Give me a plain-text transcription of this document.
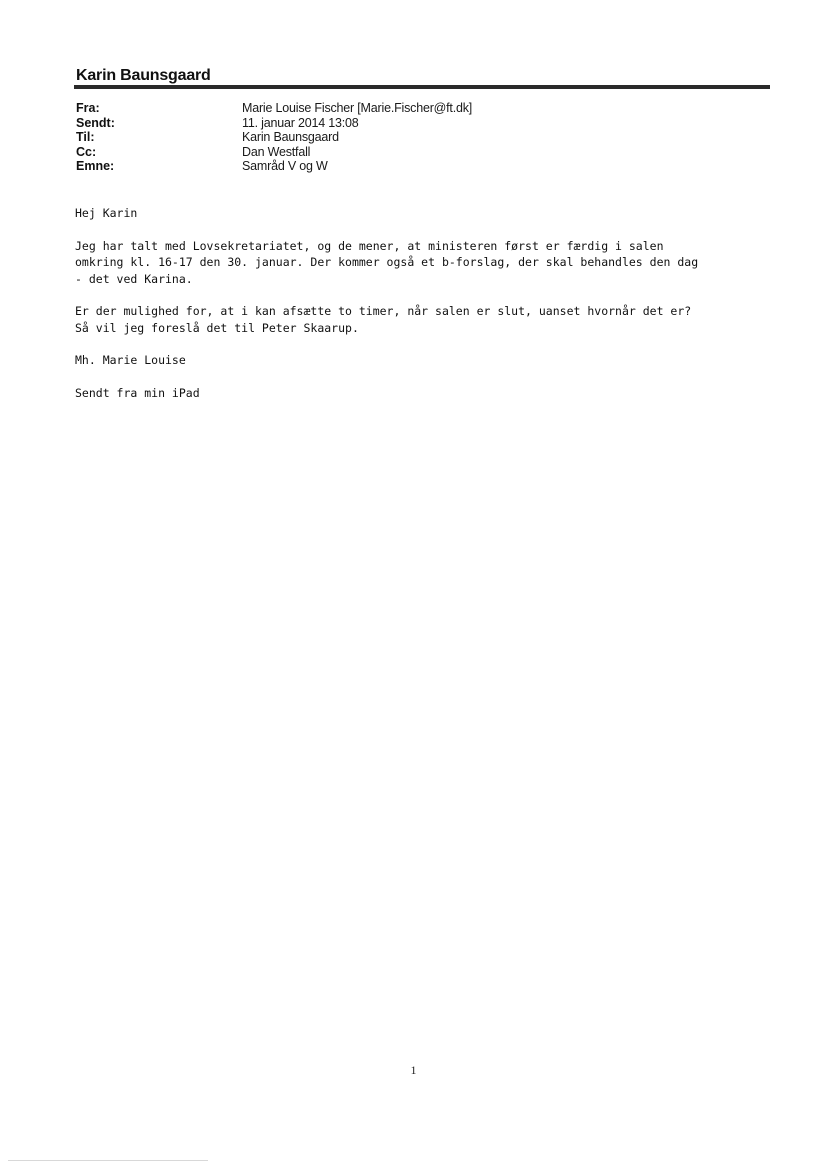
Karin Baunsgaard
Fra:	Marie Louise Fischer [Marie.Fischer@ft.dk]
Sendt:	11. januar 2014 13:08
Til:	Karin Baunsgaard
Cc:	Dan Westfall
Emne:	Samråd V og W

Hej Karin

Jeg har talt med Lovsekretariatet, og de mener, at ministeren først er færdig i salen
omkring kl. 16-17 den 30. januar. Der kommer også et b-forslag, der skal behandles den dag
- det ved Karina.

Er der mulighed for, at i kan afsætte to timer, når salen er slut, uanset hvornår det er?
Så vil jeg foreslå det til Peter Skaarup.

Mh. Marie Louise

Sendt fra min iPad

1
